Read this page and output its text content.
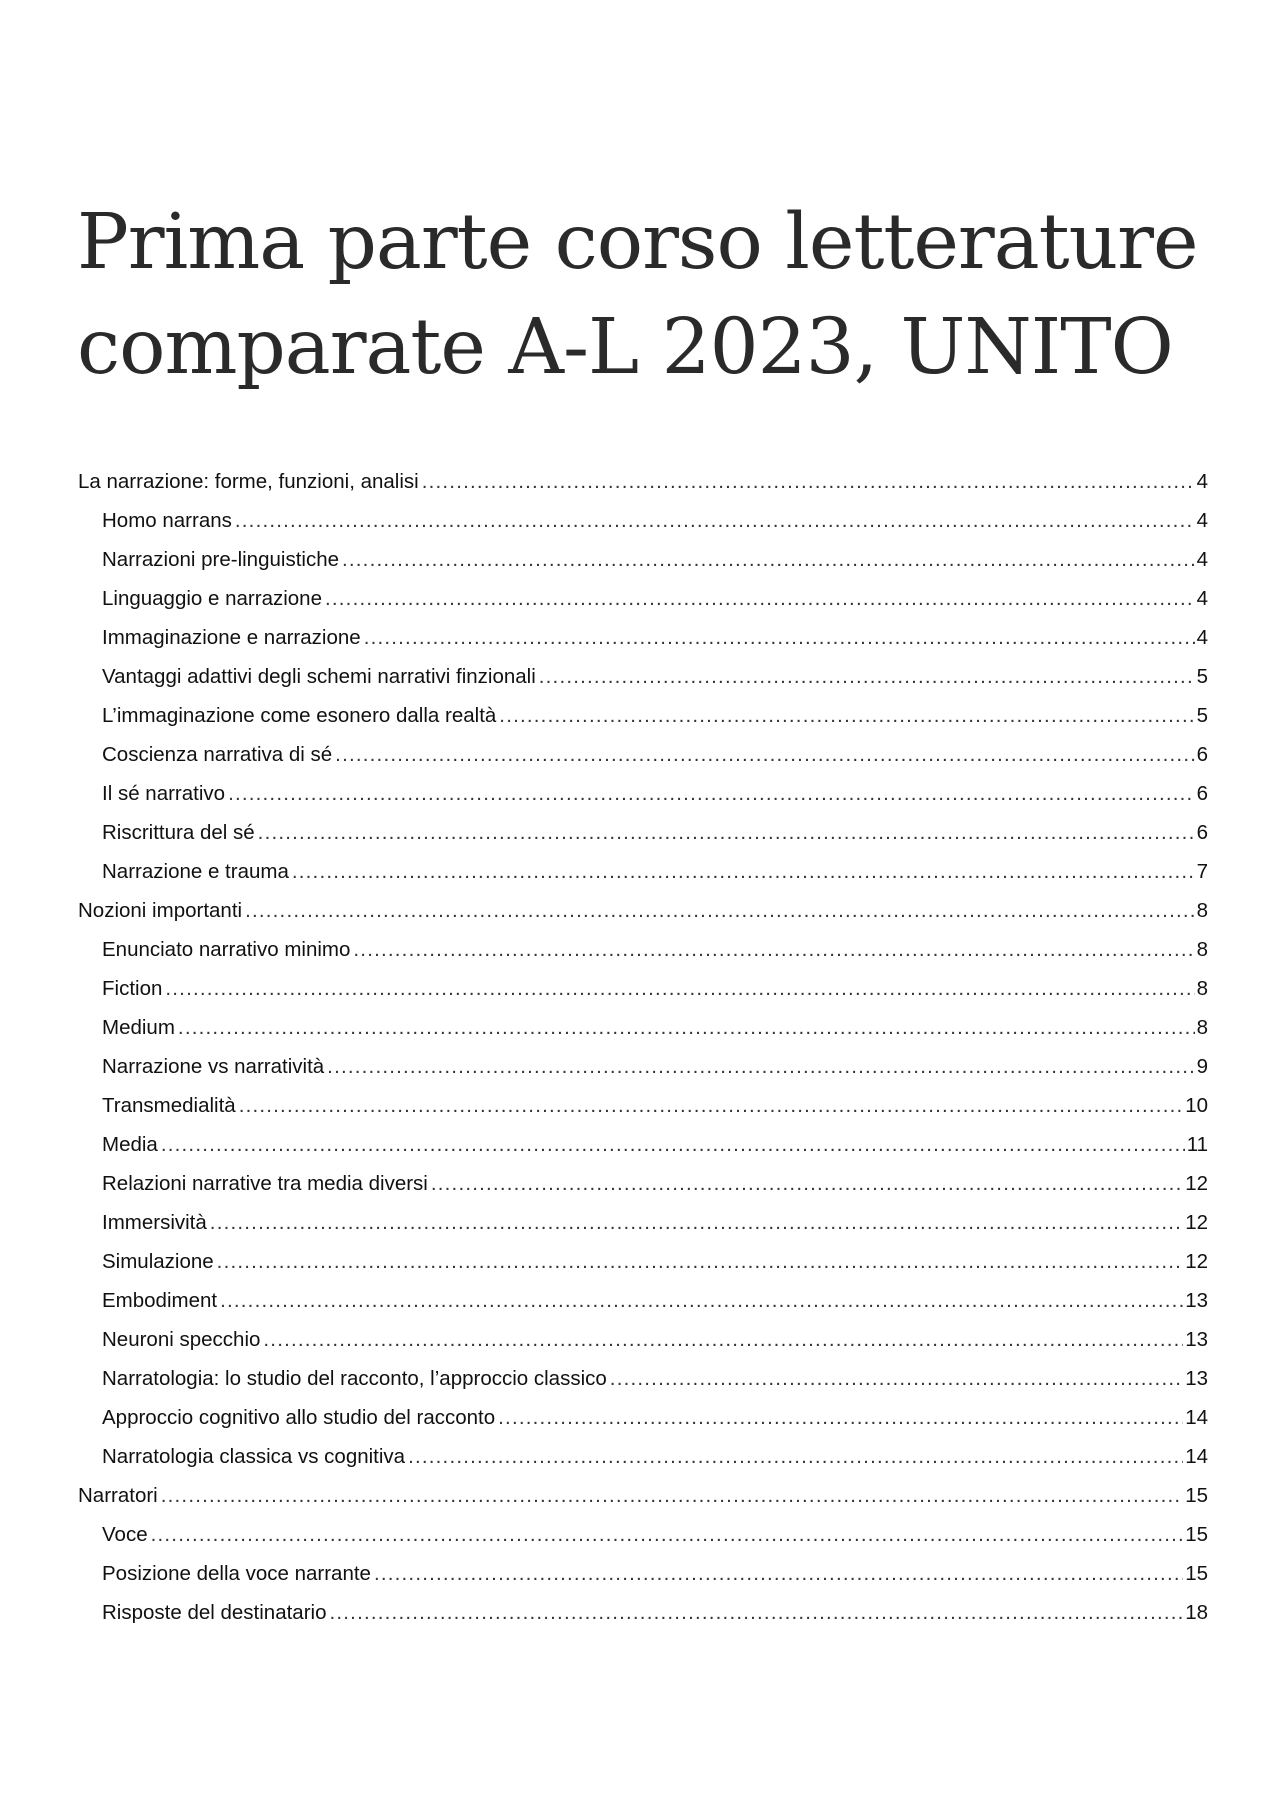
Prima parte corso letterature
comparate A-L 2023, UNITO
La narrazione: forme, funzioni, analisi .....	4
Homo narrans .....	4
Narrazioni pre-linguistiche .....	4
Linguaggio e narrazione .....	4
Immaginazione e narrazione .....	4
Vantaggi adattivi degli schemi narrativi finzionali .....	5
L’immaginazione come esonero dalla realtà .....	5
Coscienza narrativa di sé .....	6
Il sé narrativo .....	6
Riscrittura del sé .....	6
Narrazione e trauma .....	7
Nozioni importanti .....	8
Enunciato narrativo minimo .....	8
Fiction .....	8
Medium .....	8
Narrazione vs narratività .....	9
Transmedialità .....	10
Media .....	11
Relazioni narrative tra media diversi .....	12
Immersività .....	12
Simulazione .....	12
Embodiment .....	13
Neuroni specchio .....	13
Narratologia: lo studio del racconto, l’approccio classico .....	13
Approccio cognitivo allo studio del racconto .....	14
Narratologia classica vs cognitiva .....	14
Narratori .....	15
Voce .....	15
Posizione della voce narrante .....	15
Risposte del destinatario .....	18
